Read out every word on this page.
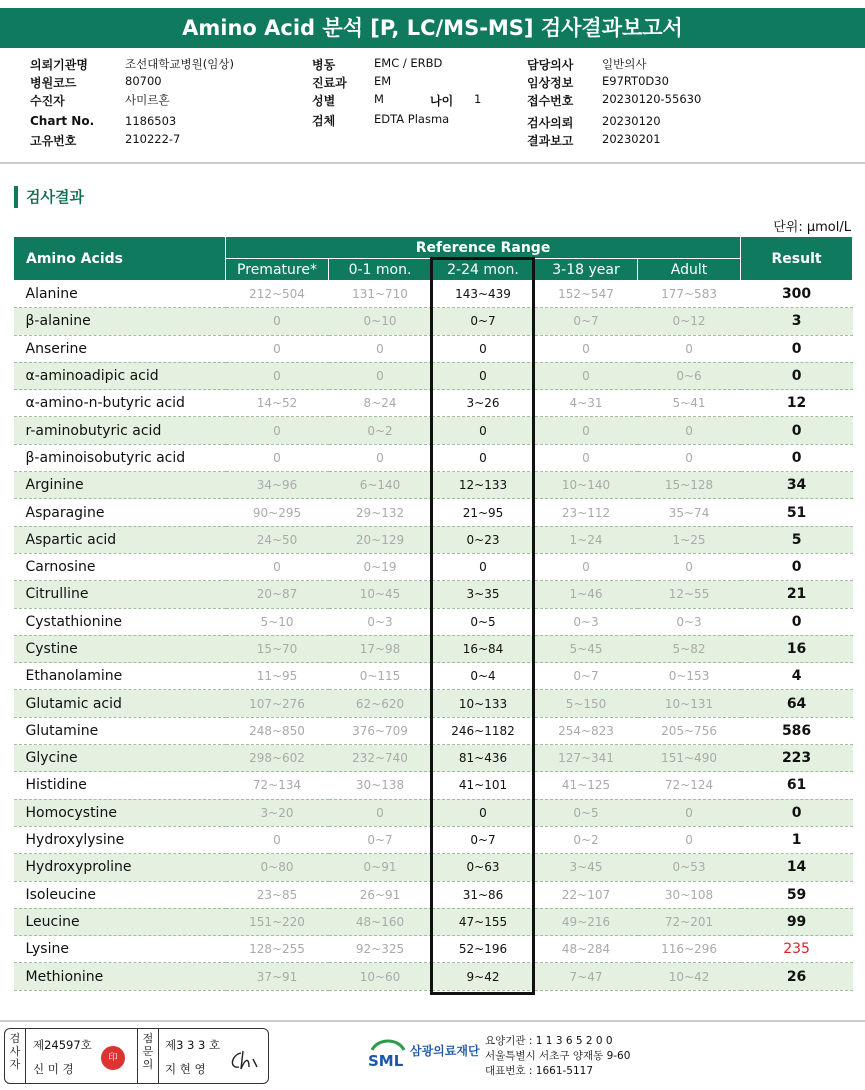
Amino Acid 분석 [P, LC/MS-MS] 검사결과보고서
의뢰기관명	조선대학교병원(임상)
병원코드	80700
수진자	사미르혼
Chart No.	1186503
고유번호	210222-7
병동	EMC / ERBD
진료과 EM
성별	M
검체	EDTA Plasma
담당의사 일반의사
임상정보 E97RT0D30
접수번호 20230120-55630
검사의뢰 20230120
결과보고 20230201
나이 1
검사결과
단위: μmol/L
Amino Acids	Reference Range					Result
	Premature*	0-1 mon.	2-24 mon.	3-18 year	Adult	
Alanine	212~504	131~710	143~439	152~547	177~583	300
β-alanine	0	0~10	0~7	0~7	0~12	3
Anserine	0	0	0	0	0	0
α-aminoadipic acid	0	0	0	0	0~6	0
α-amino-n-butyric acid	14~52	8~24	3~26	4~31	5~41	12
r-aminobutyric acid	0	0~2	0	0	0	0
β-aminoisobutyric acid	0	0	0	0	0	0
Arginine	34~96	6~140	12~133	10~140	15~128	34
Asparagine	90~295	29~132	21~95	23~112	35~74	51
Aspartic acid	24~50	20~129	0~23	1~24	1~25	5
Carnosine	0	0~19	0	0	0	0
Citrulline	20~87	10~45	3~35	1~46	12~55	21
Cystathionine	5~10	0~3	0~5	0~3	0~3	0
Cystine	15~70	17~98	16~84	5~45	5~82	16
Ethanolamine	11~95	0~115	0~4	0~7	0~153	4
Glutamic acid	107~276	62~620	10~133	5~150	10~131	64
Glutamine	248~850	376~709	246~1182	254~823	205~756	586
Glycine	298~602	232~740	81~436	127~341	151~490	223
Histidine	72~134	30~138	41~101	41~125	72~124	61
Homocystine	3~20	0	0	0~5	0	0
Hydroxylysine	0	0~7	0~7	0~2	0	1
Hydroxyproline	0~80	0~91	0~63	3~45	0~53	14
Isoleucine	23~85	26~91	31~86	22~107	30~108	59
Leucine	151~220	48~160	47~155	49~216	72~201	99
Lysine	128~255	92~325	52~196	48~284	116~296	235
Methionine	37~91	10~60	9~42	7~47	10~42	26
검사자
제24597호
신 미 경
印
점문의
제3 3 3 호
지 현 영	SML
삼광의료재단
요양기관 : 1 1 3 6 5 2 0 0
서울특별시 서초구 양재동 9-60
대표번호 : 1661-5117
